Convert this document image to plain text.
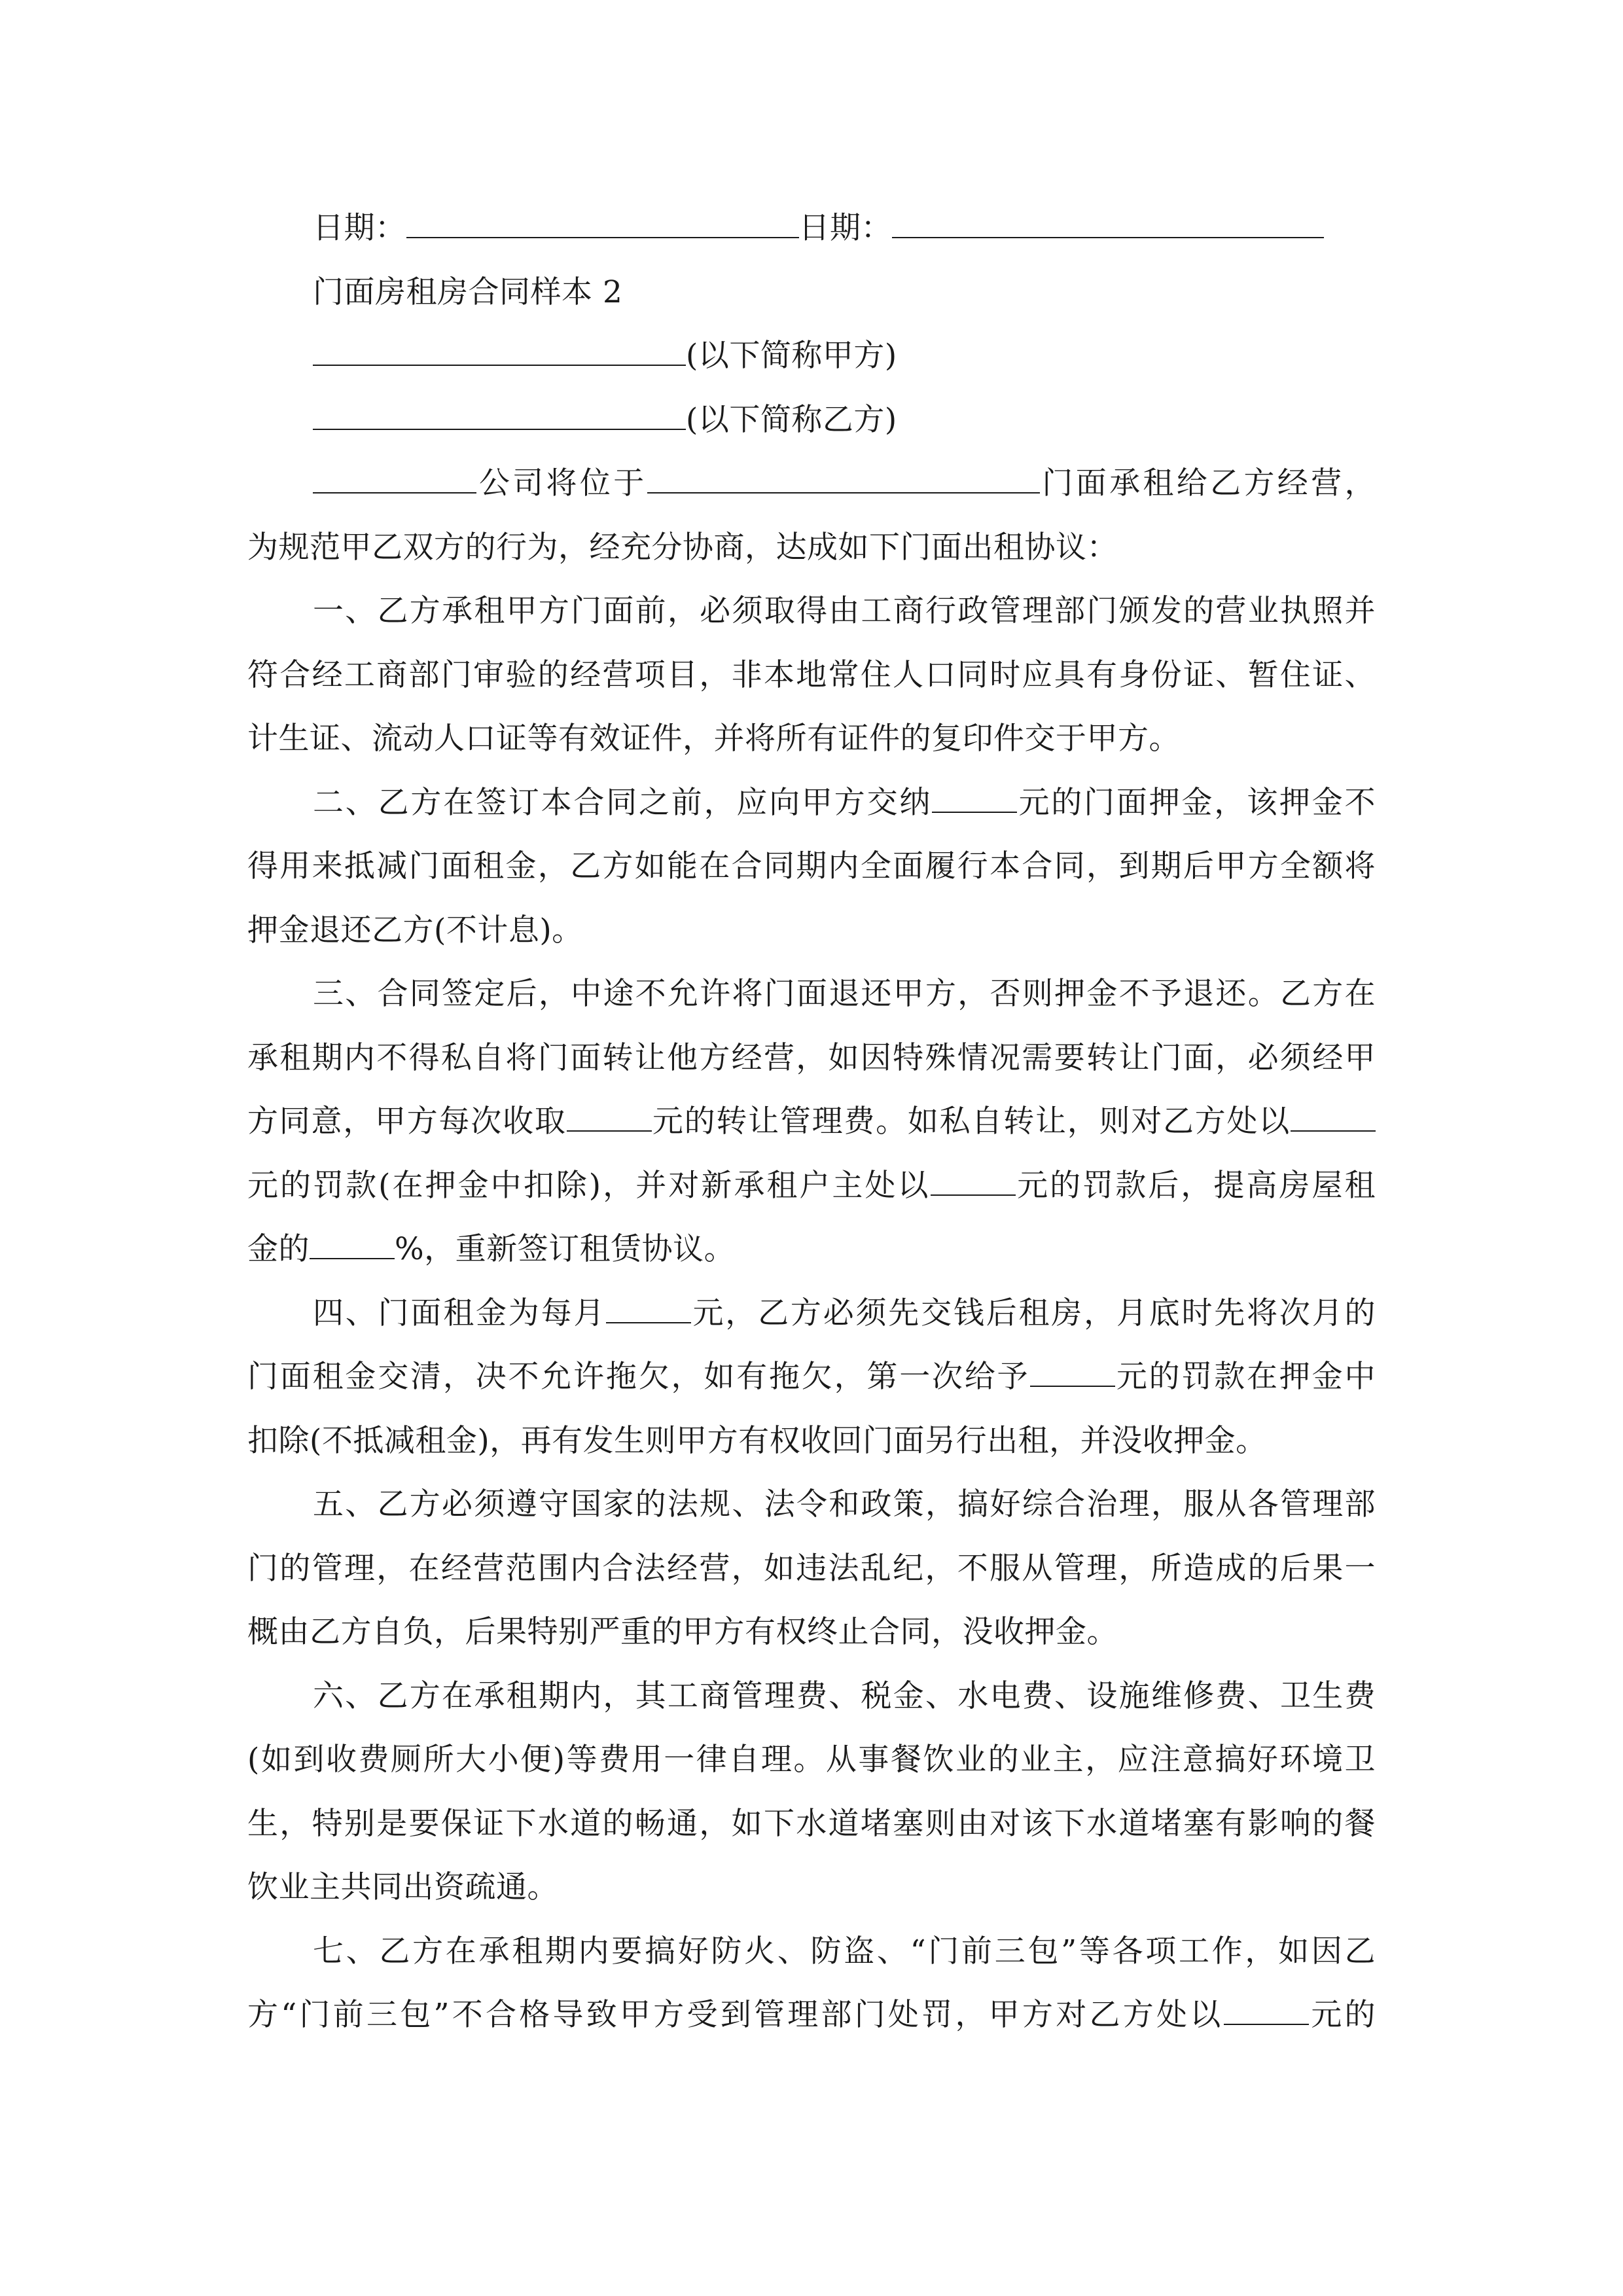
日期：	日期：
门面房租房合同样本 2
(以下简称甲方)
(以下简称乙方)
公司将位于	门面承租给乙方经营，
为规范甲乙双方的行为，经充分协商，达成如下门面出租协议：
一、乙方承租甲方门面前，必须取得由工商行政管理部门颁发的营业执照并
符合经工商部门审验的经营项目，非本地常住人口同时应具有身份证、暂住证、
计生证、流动人口证等有效证件，并将所有证件的复印件交于甲方。
二、乙方在签订本合同之前，应向甲方交纳	元的门面押金，该押金不
得用来抵减门面租金，乙方如能在合同期内全面履行本合同，到期后甲方全额将
押金退还乙方(不计息)。
三、合同签定后，中途不允许将门面退还甲方，否则押金不予退还。乙方在
承租期内不得私自将门面转让他方经营，如因特殊情况需要转让门面，必须经甲
方同意，甲方每次收取	元的转让管理费。如私自转让，则对乙方处以
元的罚款(在押金中扣除)，并对新承租户主处以	元的罚款后，提高房屋租
金的	%，重新签订租赁协议。
四、门面租金为每月	元，乙方必须先交钱后租房，月底时先将次月的
门面租金交清，决不允许拖欠，如有拖欠，第一次给予	元的罚款在押金中
扣除(不抵减租金)，再有发生则甲方有权收回门面另行出租，并没收押金。
五、乙方必须遵守国家的法规、法令和政策，搞好综合治理，服从各管理部
门的管理，在经营范围内合法经营，如违法乱纪，不服从管理，所造成的后果一
概由乙方自负，后果特别严重的甲方有权终止合同，没收押金。
六、乙方在承租期内，其工商管理费、税金、水电费、设施维修费、卫生费
(如到收费厕所大小便)等费用一律自理。从事餐饮业的业主，应注意搞好环境卫
生，特别是要保证下水道的畅通，如下水道堵塞则由对该下水道堵塞有影响的餐
饮业主共同出资疏通。
七、乙方在承租期内要搞好防火、防盗、“门前三包”等各项工作，如因乙
方“门前三包”不合格导致甲方受到管理部门处罚，甲方对乙方处以	元的
